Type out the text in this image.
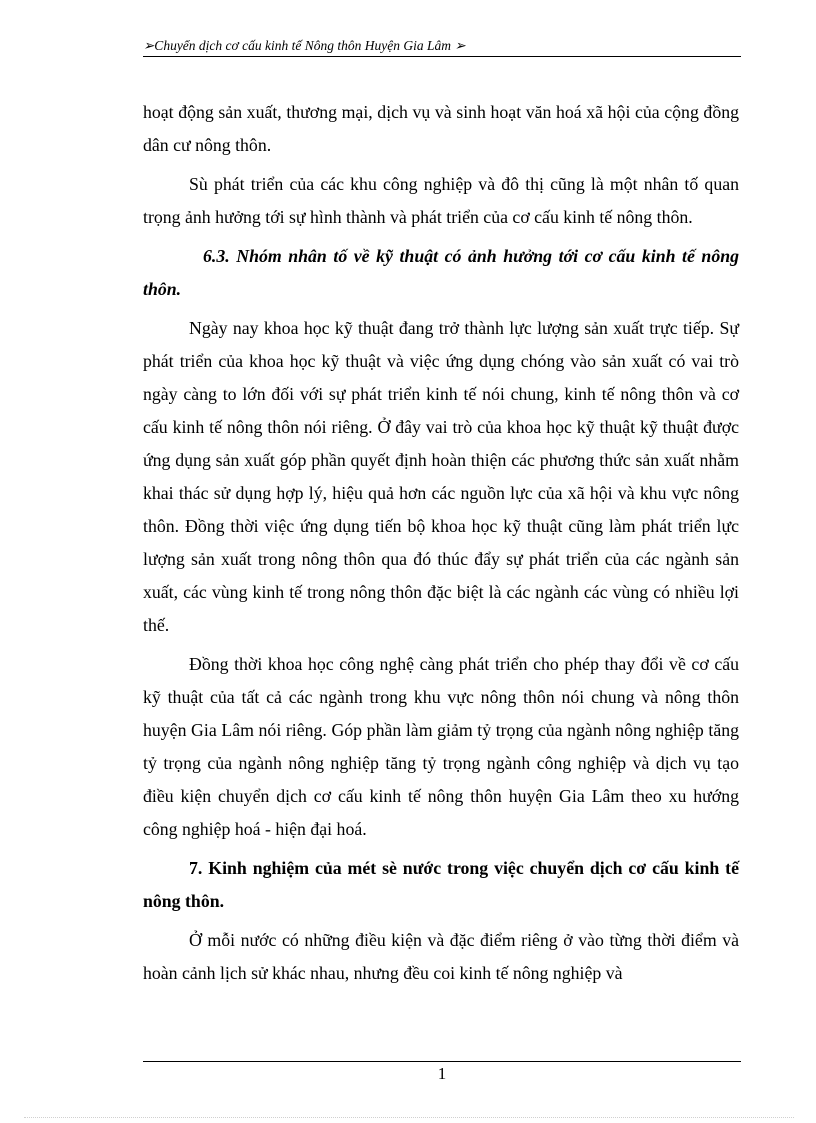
➢Chuyển dịch cơ cấu kinh tế Nông thôn Huyện Gia Lâm ➢

hoạt động sản xuất, thương mại, dịch vụ và sinh hoạt văn hoá xã hội của cộng đồng dân cư nông thôn.

Sù phát triển của các khu công nghiệp và đô thị cũng là một nhân tố quan trọng ảnh hưởng tới sự hình thành và phát triển của cơ cấu kinh tế nông thôn.

6.3. Nhóm nhân tố về kỹ thuật có ảnh hưởng tới cơ cấu kinh tế nông thôn.

Ngày nay khoa học kỹ thuật đang trở thành lực lượng sản xuất trực tiếp. Sự phát triển của khoa học kỹ thuật và việc ứng dụng chóng vào sản xuất có vai trò ngày càng to lớn đối với sự phát triển kinh tế nói chung, kinh tế nông thôn và cơ cấu kinh tế nông thôn nói riêng. Ở đây vai trò của khoa học kỹ thuật kỹ thuật được ứng dụng sản xuất góp phần quyết định hoàn thiện các phương thức sản xuất nhằm khai thác sử dụng hợp lý, hiệu quả hơn các nguồn lực của xã hội và khu vực nông thôn. Đồng thời việc ứng dụng tiến bộ khoa học kỹ thuật cũng làm phát triển lực lượng sản xuất trong nông thôn qua đó thúc đẩy sự phát triển của các ngành sản xuất, các vùng kinh tế trong nông thôn đặc biệt là các ngành các vùng có nhiều lợi thế.

Đồng thời khoa học công nghệ càng phát triển cho phép thay đổi về cơ cấu kỹ thuật của tất cả các ngành trong khu vực nông thôn nói chung và nông thôn huyện Gia Lâm nói riêng. Góp phần làm giảm tỷ trọng của ngành nông nghiệp tăng tỷ trọng của ngành nông nghiệp tăng tỷ trọng ngành công nghiệp và dịch vụ tạo điều kiện chuyển dịch cơ cấu kinh tế nông thôn huyện Gia Lâm theo xu hướng công nghiệp hoá - hiện đại hoá.

7. Kinh nghiệm của mét sè nước trong việc chuyển dịch cơ cấu kinh tế nông thôn.

Ở mỗi nước có những điều kiện và đặc điểm riêng ở vào từng thời điểm và hoàn cảnh lịch sử khác nhau, nhưng đều coi kinh tế nông nghiệp và

1
